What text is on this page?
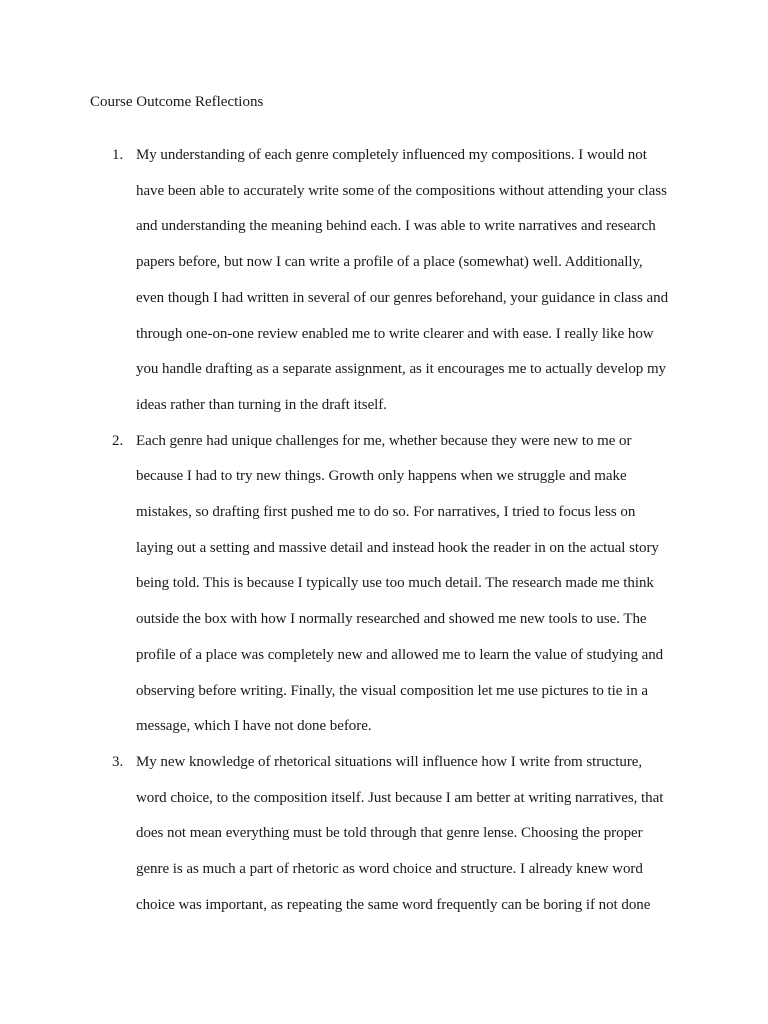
Course Outcome Reflections
1. My understanding of each genre completely influenced my compositions. I would not
have been able to accurately write some of the compositions without attending your class
and understanding the meaning behind each. I was able to write narratives and research
papers before, but now I can write a profile of a place (somewhat) well. Additionally,
even though I had written in several of our genres beforehand, your guidance in class and
through one-on-one review enabled me to write clearer and with ease. I really like how
you handle drafting as a separate assignment, as it encourages me to actually develop my
ideas rather than turning in the draft itself.

2. Each genre had unique challenges for me, whether because they were new to me or
because I had to try new things. Growth only happens when we struggle and make
mistakes, so drafting first pushed me to do so. For narratives, I tried to focus less on
laying out a setting and massive detail and instead hook the reader in on the actual story
being told. This is because I typically use too much detail. The research made me think
outside the box with how I normally researched and showed me new tools to use. The
profile of a place was completely new and allowed me to learn the value of studying and
observing before writing. Finally, the visual composition let me use pictures to tie in a
message, which I have not done before.

3. My new knowledge of rhetorical situations will influence how I write from structure,
word choice, to the composition itself. Just because I am better at writing narratives, that
does not mean everything must be told through that genre lense. Choosing the proper
genre is as much a part of rhetoric as word choice and structure. I already knew word
choice was important, as repeating the same word frequently can be boring if not done
